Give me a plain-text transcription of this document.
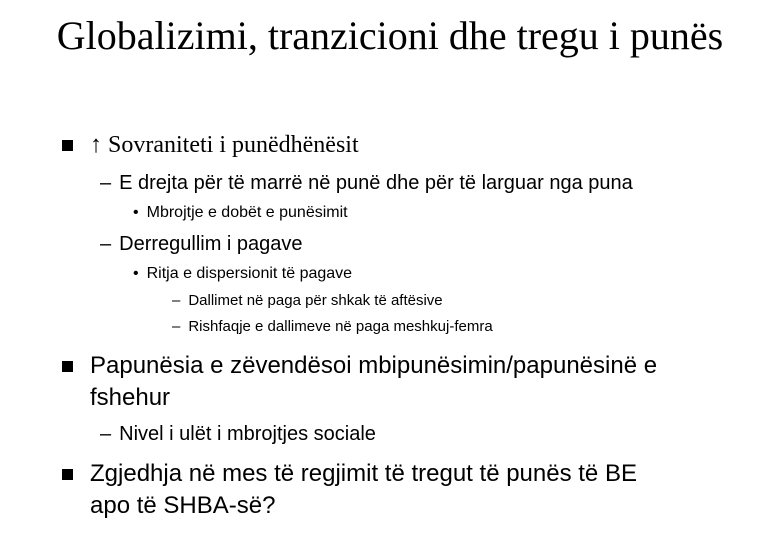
Globalizimi, tranzicioni dhe tregu i punës
↑ Sovraniteti i punëdhënësit
– E drejta për të marrë në punë dhe për të larguar nga puna
• Mbrojtje e dobët e punësimit
– Derregullim i pagave
• Ritja e dispersionit të pagave
– Dallimet në paga për shkak të aftësive
– Rishfaqje e dallimeve në paga meshkuj-femra
Papunësia e zëvendësoi mbipunësimin/papunësinë e
fshehur
– Nivel i ulët i mbrojtjes sociale
Zgjedhja në mes të regjimit të tregut të punës të BE
apo të SHBA-së?
